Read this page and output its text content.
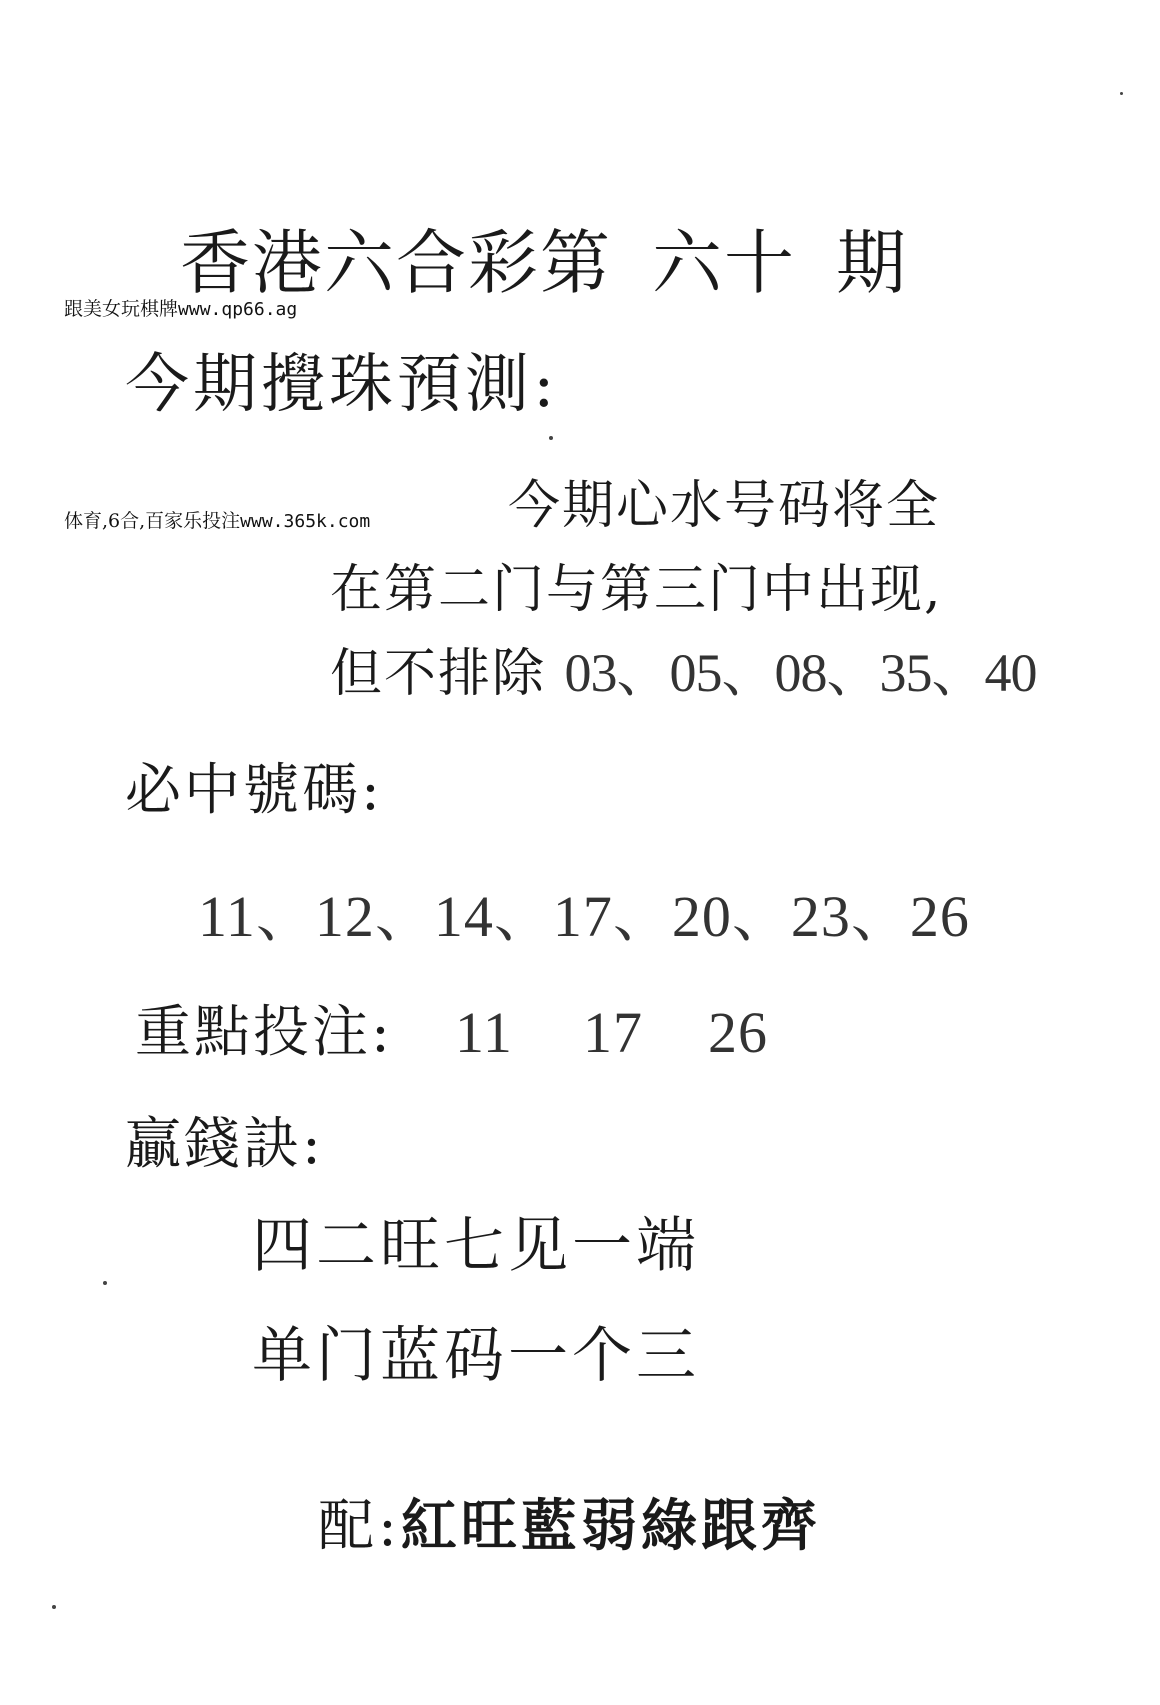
跟美女玩棋牌www.qp66.ag
香港六合彩第 六十 期
今期攪珠預測:
体育,6合,百家乐投注www.365k.com	今期心水号码将全
在第二门与第三门中出现,
但不排除 03、05、08、35、40
必中號碼:
11、12、14、17、20、23、26
重點投注: 11 17 26
贏錢訣:
四二旺七见一端
单门蓝码一个三
配:紅旺藍弱綠跟齊
